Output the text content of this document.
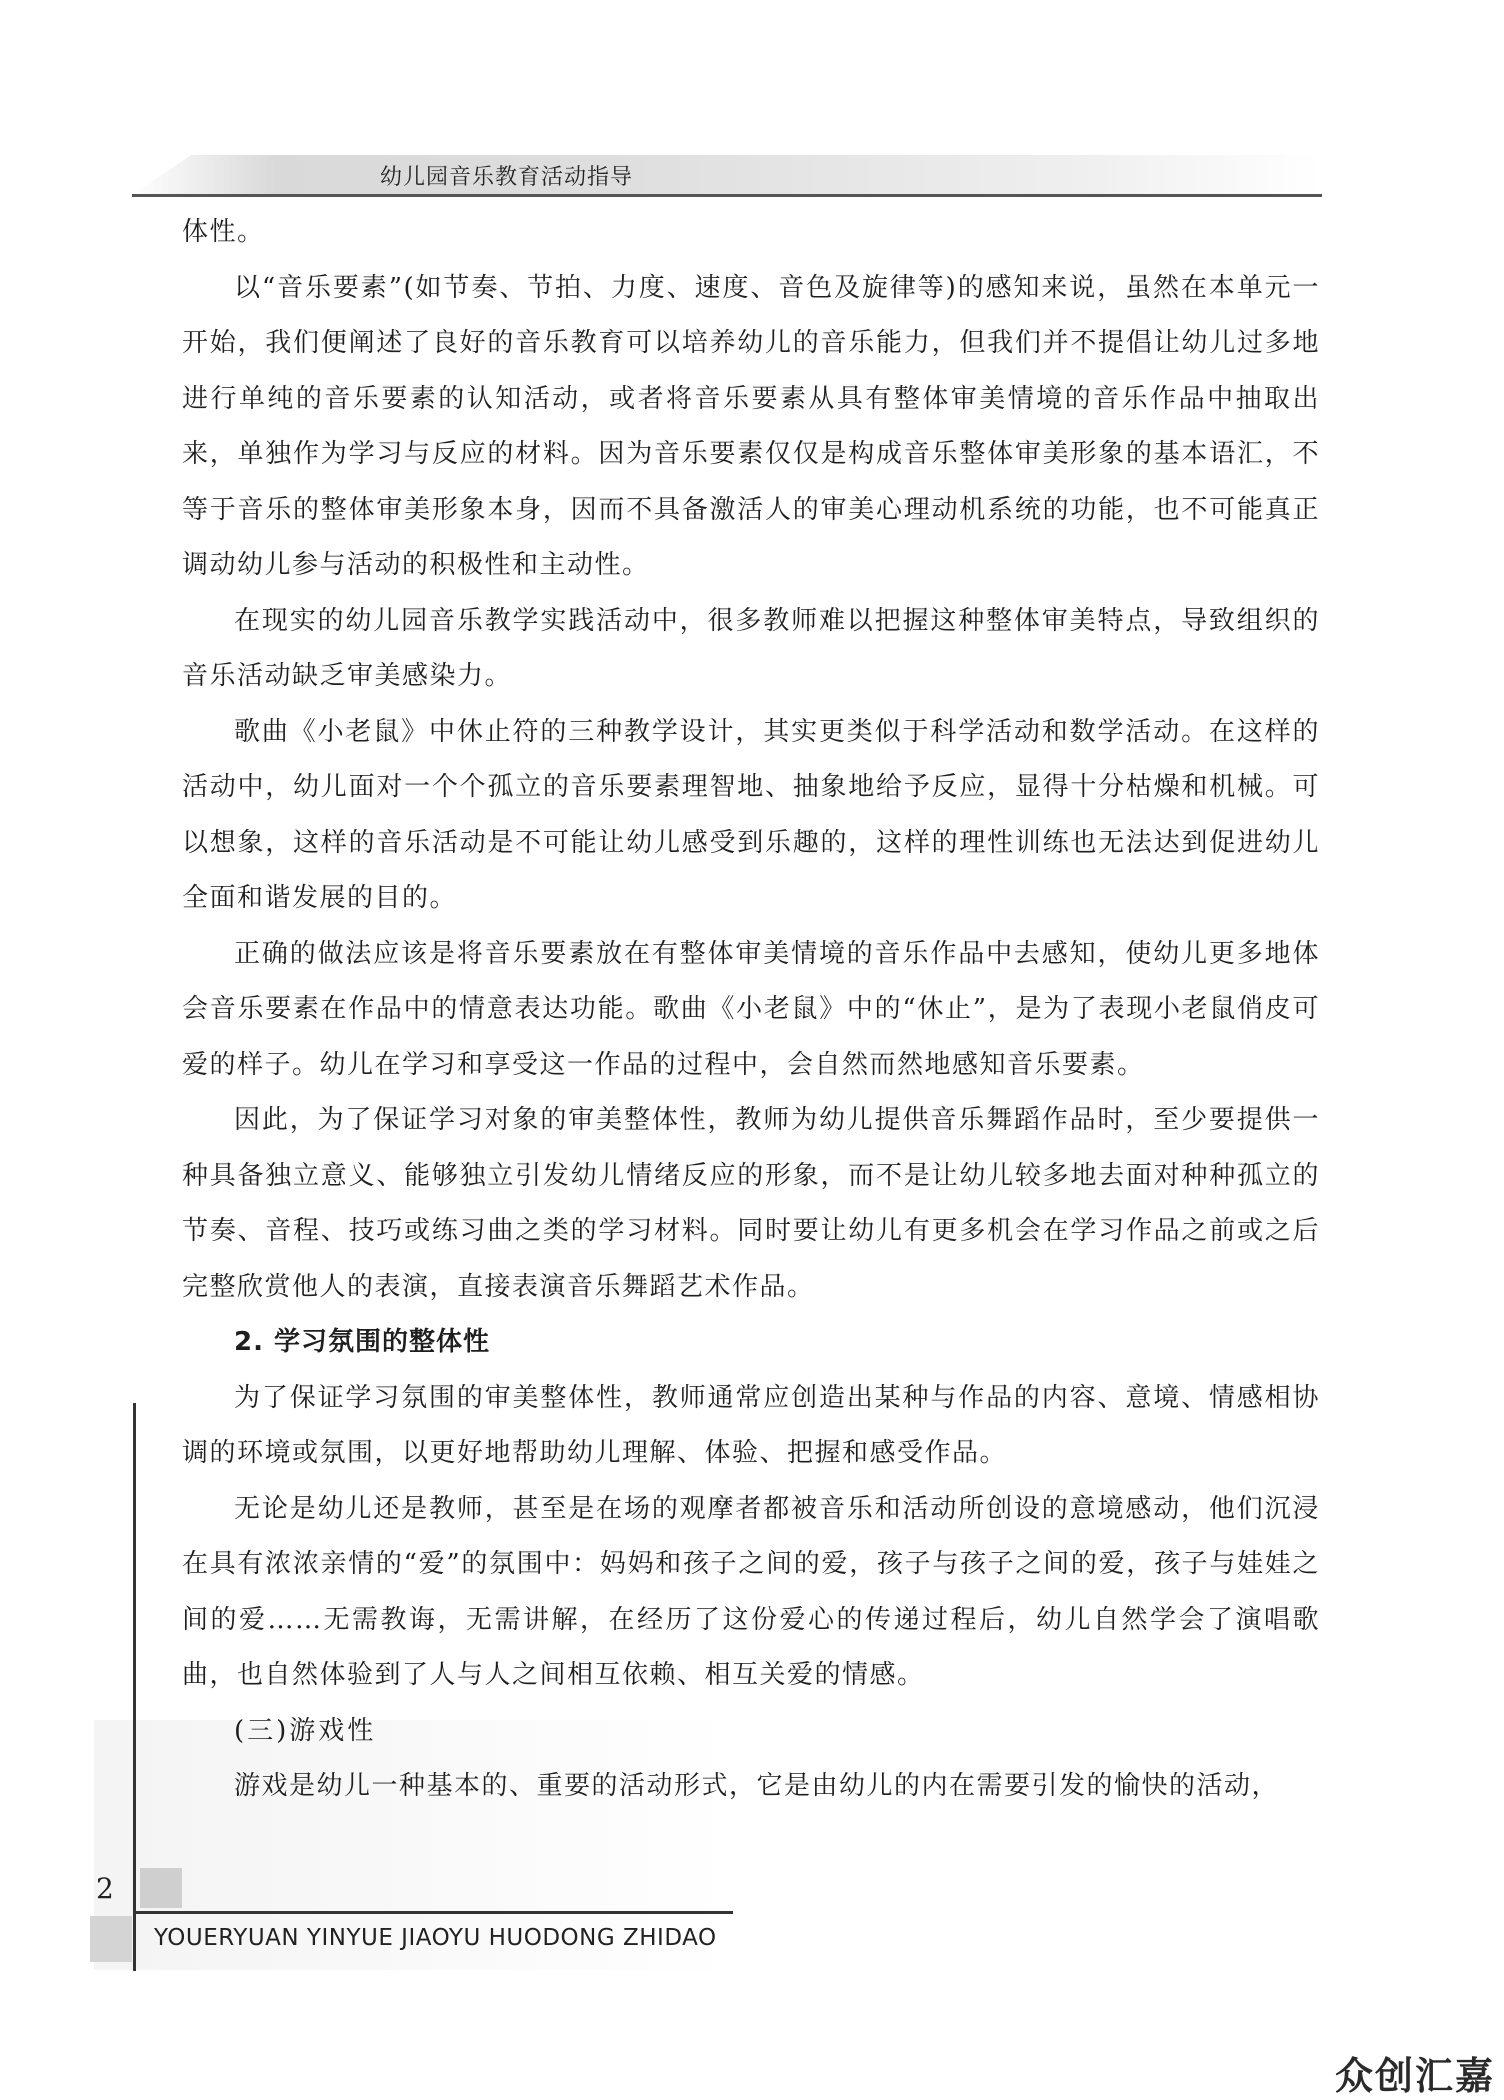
幼儿园音乐教育活动指导

体性。

以“音乐要素”(如节奏、节拍、力度、速度、音色及旋律等)的感知来说，虽然在本单元一开始，我们便阐述了良好的音乐教育可以培养幼儿的音乐能力，但我们并不提倡让幼儿过多地进行单纯的音乐要素的认知活动，或者将音乐要素从具有整体审美情境的音乐作品中抽取出来，单独作为学习与反应的材料。因为音乐要素仅仅是构成音乐整体审美形象的基本语汇，不等于音乐的整体审美形象本身，因而不具备激活人的审美心理动机系统的功能，也不可能真正调动幼儿参与活动的积极性和主动性。

在现实的幼儿园音乐教学实践活动中，很多教师难以把握这种整体审美特点，导致组织的音乐活动缺乏审美感染力。

歌曲《小老鼠》中休止符的三种教学设计，其实更类似于科学活动和数学活动。在这样的活动中，幼儿面对一个个孤立的音乐要素理智地、抽象地给予反应，显得十分枯燥和机械。可以想象，这样的音乐活动是不可能让幼儿感受到乐趣的，这样的理性训练也无法达到促进幼儿全面和谐发展的目的。

正确的做法应该是将音乐要素放在有整体审美情境的音乐作品中去感知，使幼儿更多地体会音乐要素在作品中的情意表达功能。歌曲《小老鼠》中的“休止”，是为了表现小老鼠俏皮可爱的样子。幼儿在学习和享受这一作品的过程中，会自然而然地感知音乐要素。

因此，为了保证学习对象的审美整体性，教师为幼儿提供音乐舞蹈作品时，至少要提供一种具备独立意义、能够独立引发幼儿情绪反应的形象，而不是让幼儿较多地去面对种种孤立的节奏、音程、技巧或练习曲之类的学习材料。同时要让幼儿有更多机会在学习作品之前或之后完整欣赏他人的表演，直接表演音乐舞蹈艺术作品。

2. 学习氛围的整体性

为了保证学习氛围的审美整体性，教师通常应创造出某种与作品的内容、意境、情感相协调的环境或氛围，以更好地帮助幼儿理解、体验、把握和感受作品。

无论是幼儿还是教师，甚至是在场的观摩者都被音乐和活动所创设的意境感动，他们沉浸在具有浓浓亲情的“爱”的氛围中：妈妈和孩子之间的爱，孩子与孩子之间的爱，孩子与娃娃之间的爱……无需教诲，无需讲解，在经历了这份爱心的传递过程后，幼儿自然学会了演唱歌曲，也自然体验到了人与人之间相互依赖、相互关爱的情感。

(三)游戏性

游戏是幼儿一种基本的、重要的活动形式，它是由幼儿的内在需要引发的愉快的活动，

2
YOUERYUAN YINYUE JIAOYU HUODONG ZHIDAO
众创汇嘉
